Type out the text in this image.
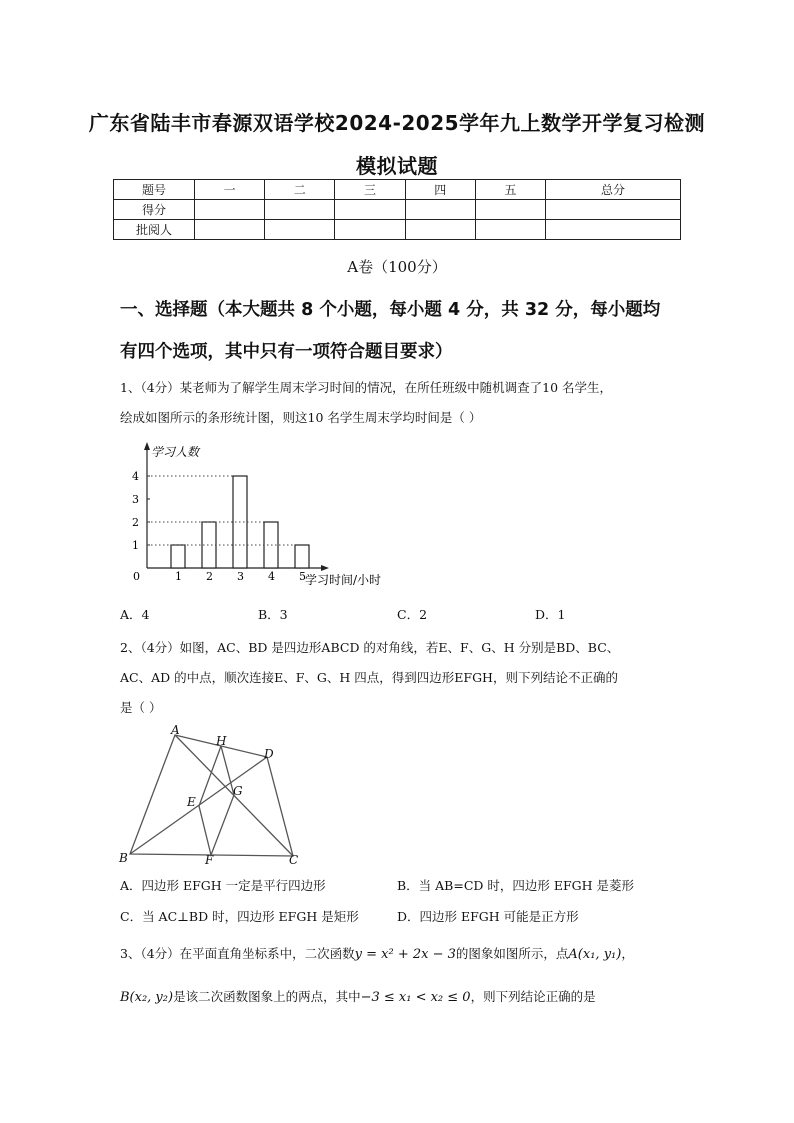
广东省陆丰市春源双语学校2024-2025学年九上数学开学复习检测
模拟试题
题号	一	二	三	四	五	总分
得分						
批阅人						
A卷（100分）
一、选择题（本大题共 8 个小题，每小题 4 分，共 32 分，每小题均
有四个选项，其中只有一项符合题目要求）
1、（4分）某老师为了解学生周末学习时间的情况，在所任班级中随机调查了10 名学生，
绘成如图所示的条形统计图，则这10 名学生周末学均时间是（ ）
学习人数
学习时间/小时
0
1
2
3
4
1 2 3 4 5
A．4	B．3	C．2	D．1
2、（4分）如图，AC、BD 是四边形ABCD 的对角线，若E、F、G、H 分别是BD、BC、
AC、AD 的中点，顺次连接E、F、G、H 四点，得到四边形EFGH，则下列结论不正确的
是（ ）
A
H
D
E
G
B	F	C
A．四边形 EFGH 一定是平行四边形	B．当 AB=CD 时，四边形 EFGH 是菱形
C．当 AC⊥BD 时，四边形 EFGH 是矩形	D．四边形 EFGH 可能是正方形
3、（4分）在平面直角坐标系中，二次函数y = x² + 2x − 3的图象如图所示，点A(x₁, y₁)，
B(x₂, y₂)是该二次函数图象上的两点，其中−3 ≤ x₁ < x₂ ≤ 0，则下列结论正确的是
